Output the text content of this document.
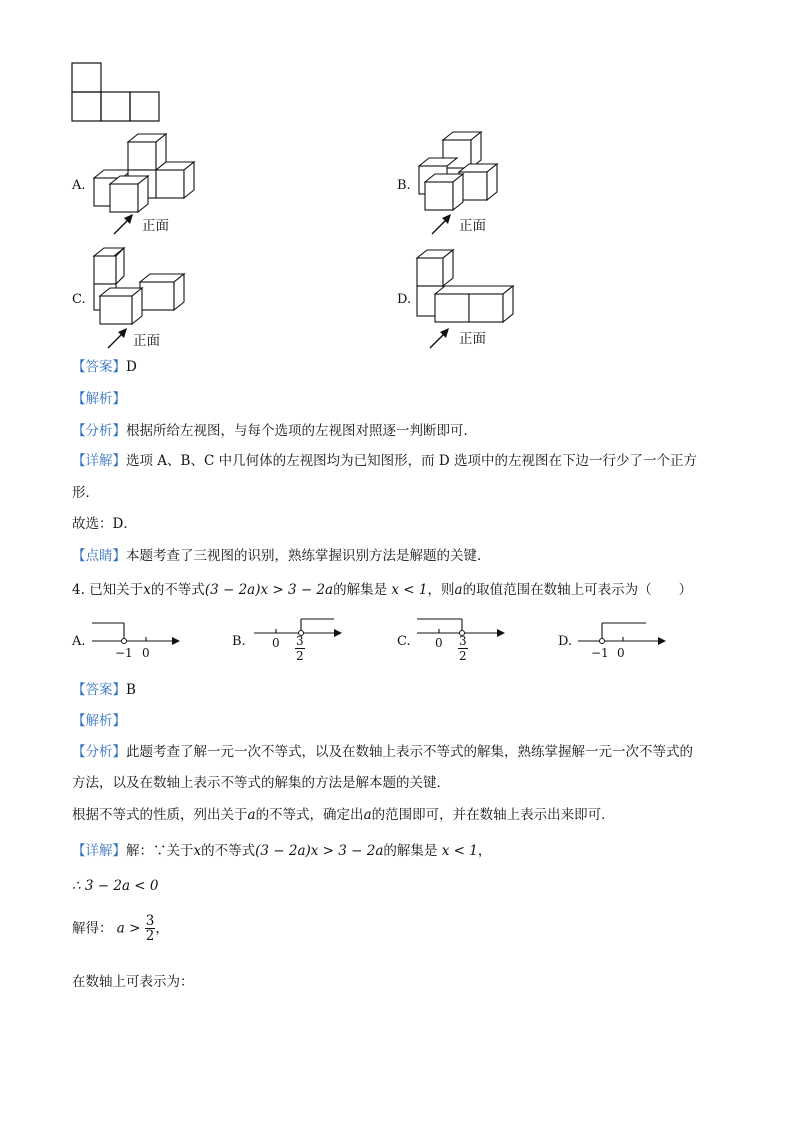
A.	B.
C.	D.
正面	正面
正面	正面
【答案】D
【解析】
【分析】根据所给左视图，与每个选项的左视图对照逐一判断即可．
【详解】选项 A、B、C 中几何体的左视图均为已知图形，而 D 选项中的左视图在下边一行少了一个正方
形．
故选：D．
【点睛】本题考查了三视图的识别，熟练掌握识别方法是解题的关键．
4. 已知关于x的不等式(3 − 2a)x > 3 − 2a的解集是 x < 1，则a的取值范围在数轴上可表示为（　　）
A.
−1 0
B. $0 \frac{3}{2}$	C. $0 \frac{3}{2}$	D.
−1 0
【答案】B
【解析】
【分析】此题考查了解一元一次不等式，以及在数轴上表示不等式的解集，熟练掌握解一元一次不等式的
方法，以及在数轴上表示不等式的解集的方法是解本题的关键．
根据不等式的性质，列出关于a的不等式，确定出a的范围即可，并在数轴上表示出来即可．
【详解】解：∵关于x的不等式(3 − 2a)x > 3 − 2a的解集是 x < 1，
∴ 3 − 2a < 0
解得： $a > \frac{3}{2}$ ，
在数轴上可表示为：
